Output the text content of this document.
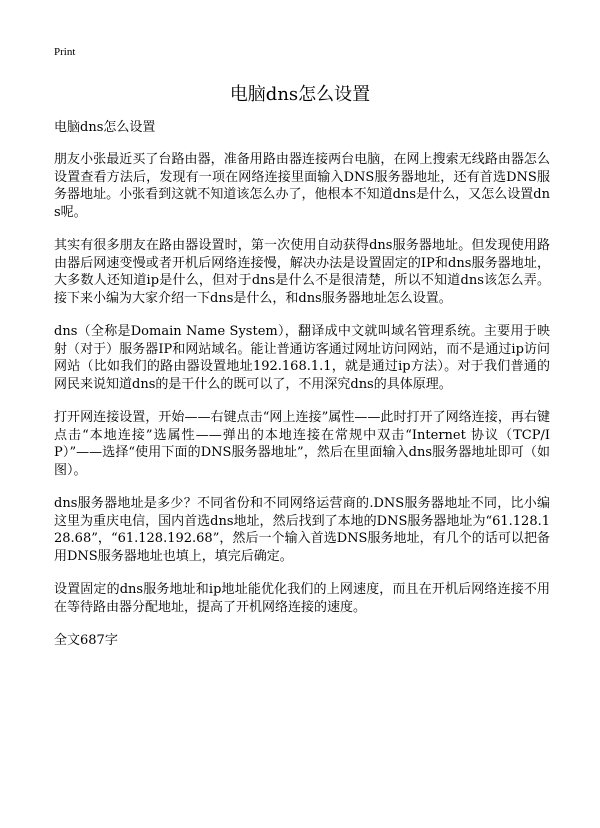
Print
电脑dns怎么设置

电脑dns怎么设置

朋友小张最近买了台路由器，准备用路由器连接两台电脑，在网上搜索无线路由器怎么设置查看方法后，发现有一项在网络连接里面输入DNS服务器地址，还有首选DNS服务器地址。小张看到这就不知道该怎么办了，他根本不知道dns是什么，又怎么设置dns呢。

其实有很多朋友在路由器设置时，第一次使用自动获得dns服务器地址。但发现使用路由器后网速变慢或者开机后网络连接慢，解决办法是设置固定的IP和dns服务器地址，大多数人还知道ip是什么，但对于dns是什么不是很清楚，所以不知道dns该怎么弄。接下来小编为大家介绍一下dns是什么，和dns服务器地址怎么设置。

dns（全称是Domain Name System），翻译成中文就叫域名管理系统。主要用于映射（对于）服务器IP和网站域名。能让普通访客通过网址访问网站，而不是通过ip访问网站（比如我们的路由器设置地址192.168.1.1，就是通过ip方法）。对于我们普通的网民来说知道dns的是干什么的既可以了，不用深究dns的具体原理。

打开网连接设置，开始——右键点击“网上连接”属性——此时打开了网络连接，再右键点击“本地连接”选属性——弹出的本地连接在常规中双击“Internet 协议（TCP/IP）”——选择“使用下面的DNS服务器地址”，然后在里面输入dns服务器地址即可（如图）。

dns服务器地址是多少？不同省份和不同网络运营商的.DNS服务器地址不同，比小编这里为重庆电信，国内首选dns地址，然后找到了本地的DNS服务器地址为“61.128.128.68”，“61.128.192.68”，然后一个输入首选DNS服务地址，有几个的话可以把备用DNS服务器地址也填上，填完后确定。

设置固定的dns服务地址和ip地址能优化我们的上网速度，而且在开机后网络连接不用在等待路由器分配地址，提高了开机网络连接的速度。

全文687字
